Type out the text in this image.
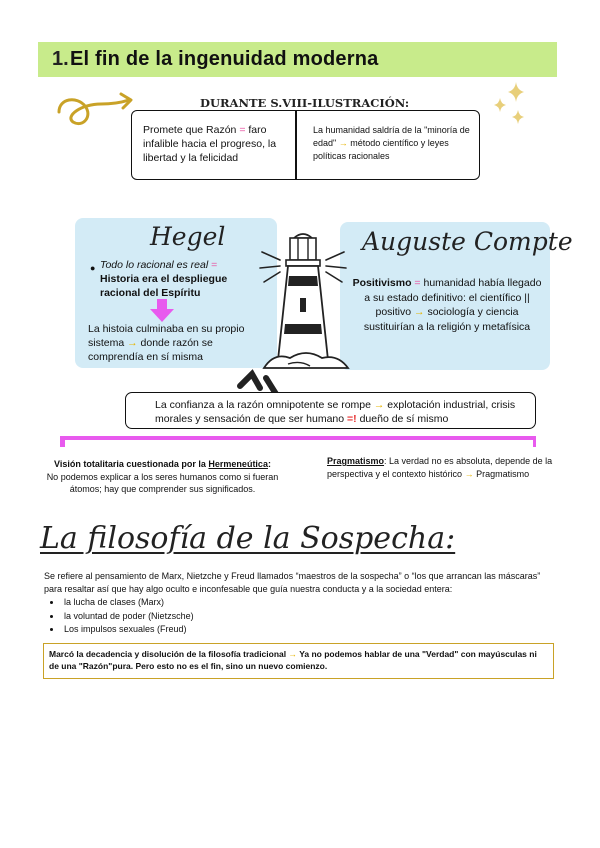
1. El fin de la ingenuidad moderna
DURANTE S.VIII-ILUSTRACIÓN:
Promete que Razón = faro infalible hacia el progreso, la libertad y la felicidad
La humanidad saldría de la "minoría de edad" → método científico y leyes políticas racionales
Hegel
● Todo lo racional es real =
Historia era el despliegue racional del Espíritu
La histoia culminaba en su propio sistema → donde razón se comprendía en sí misma
Auguste Compte
Positivismo = humanidad había llegado a su estado definitivo: el científico || positivo → sociología y ciencia sustituirían a la religión y metafísica
La confianza a la razón omnipotente se rompe → explotación industrial, crisis morales y sensación de que ser humano =! dueño de sí mismo
Visión totalitaria cuestionada por la Hermeneútica:
No podemos explicar a los seres humanos como si fueran átomos; hay que comprender sus significados.
Pragmatismo: La verdad no es absoluta, depende de la perspectiva y el contexto histórico → Pragmatismo
La filosofía de la Sospecha:
Se refiere al pensamiento de Marx, Nietzche y Freud llamados “maestros de la sospecha” o “los que arrancan las máscaras” para resaltar así que hay algo oculto e inconfesable que guía nuestra conducta y a la sociedad entera:
• la lucha de clases (Marx)
• la voluntad de poder (Nietzsche)
• Los impulsos sexuales (Freud)
Marcó la decadencia y disolución de la filosofía tradicional → Ya no podemos hablar de una "Verdad" con mayúsculas ni de una "Razón"pura. Pero esto no es el fin, sino un nuevo comienzo.
